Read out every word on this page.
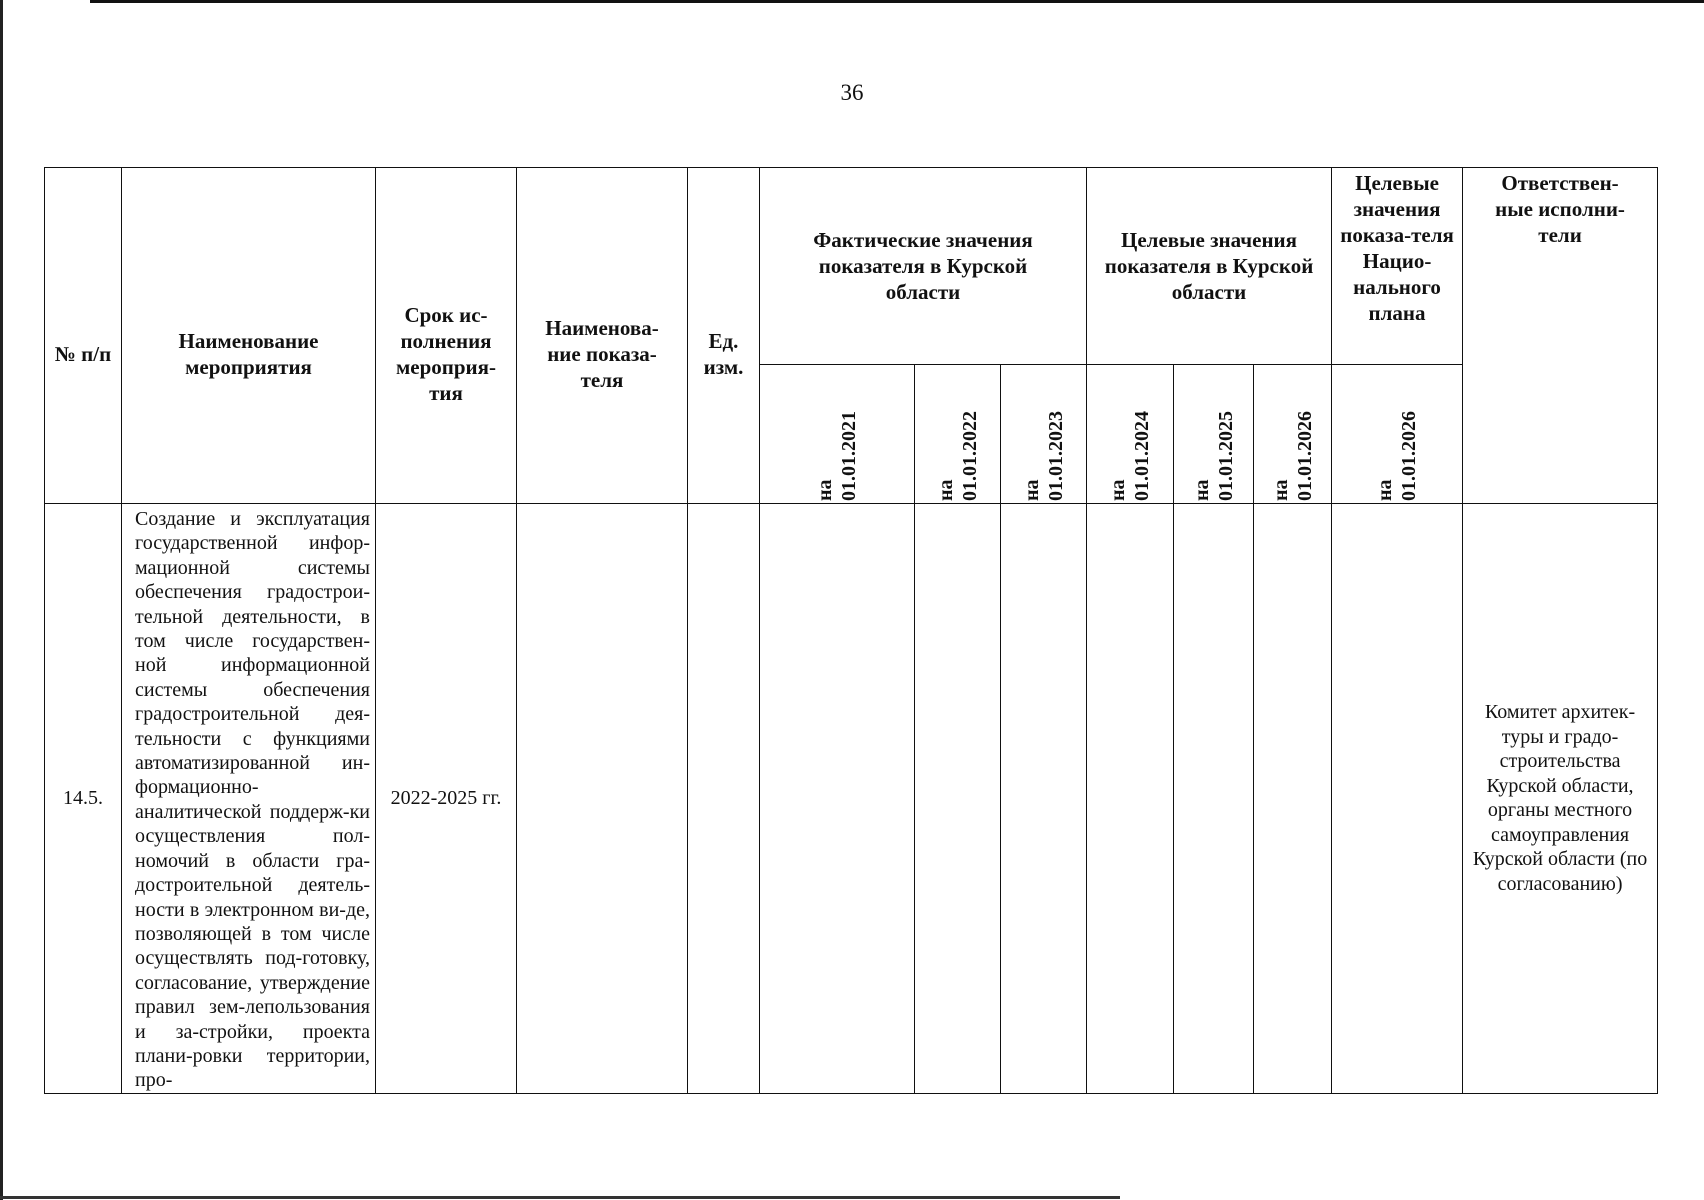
36
№ п/п	Наименование мероприятия	Срок ис-полнения мероприя-тия	Наименова-ние показа-теля	Ед. изм.	Фактические значения показателя в Курской области			Целевые значения показателя в Курской области			Целевые значения показа-теля Нацио-нального плана	Ответствен-ные исполни-тели

					на 01.01.2021	на 01.01.2022	на 01.01.2023	на 01.01.2024	на 01.01.2025	на 01.01.2026	на 01.01.2026	

14.5.	Создание и эксплуатация государственной инфор-мационной системы обеспечения градострои-тельной деятельности, в том числе государствен-ной информационной системы обеспечения градостроительной дея-тельности с функциями автоматизированной ин-формационно-аналитической поддерж-ки осуществления пол-номочий в области гра-достроительной деятель-ности в электронном ви-де, позволяющей в том числе осуществлять под-готовку, согласование, утверждение правил зем-лепользования и за-стройки, проекта плани-ровки территории, про-	2022-2025 гг.										Комитет архитек-туры и градо-строительства Курской области, органы местного самоуправления Курской области (по согласованию)
